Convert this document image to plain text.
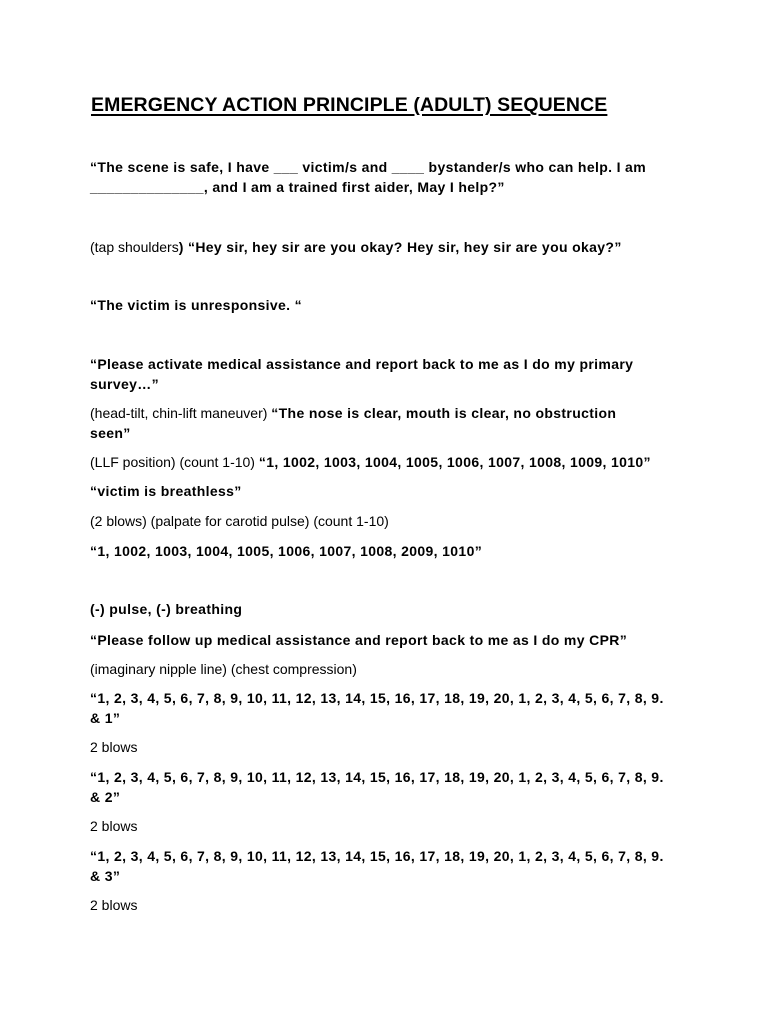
EMERGENCY ACTION PRINCIPLE (ADULT) SEQUENCE

“The scene is safe, I have ___ victim/s and ____ bystander/s who can help. I am

______________, and I am a trained first aider, May I help?”

(tap shoulders) “Hey sir, hey sir are you okay? Hey sir, hey sir are you okay?”

“The victim is unresponsive. “

“Please activate medical assistance and report back to me as I do my primary

survey…”

(head-tilt, chin-lift maneuver) “The nose is clear, mouth is clear, no obstruction

seen”

(LLF position) (count 1-10) “1, 1002, 1003, 1004, 1005, 1006, 1007, 1008, 1009, 1010”

“victim is breathless”

(2 blows) (palpate for carotid pulse) (count 1-10)

“1, 1002, 1003, 1004, 1005, 1006, 1007, 1008, 2009, 1010”

(-) pulse, (-) breathing

“Please follow up medical assistance and report back to me as I do my CPR”

(imaginary nipple line) (chest compression)

“1, 2, 3, 4, 5, 6, 7, 8, 9, 10, 11, 12, 13, 14, 15, 16, 17, 18, 19, 20, 1, 2, 3, 4, 5, 6, 7, 8, 9.

& 1”

2 blows

“1, 2, 3, 4, 5, 6, 7, 8, 9, 10, 11, 12, 13, 14, 15, 16, 17, 18, 19, 20, 1, 2, 3, 4, 5, 6, 7, 8, 9.

& 2”

2 blows

“1, 2, 3, 4, 5, 6, 7, 8, 9, 10, 11, 12, 13, 14, 15, 16, 17, 18, 19, 20, 1, 2, 3, 4, 5, 6, 7, 8, 9.

& 3”

2 blows
